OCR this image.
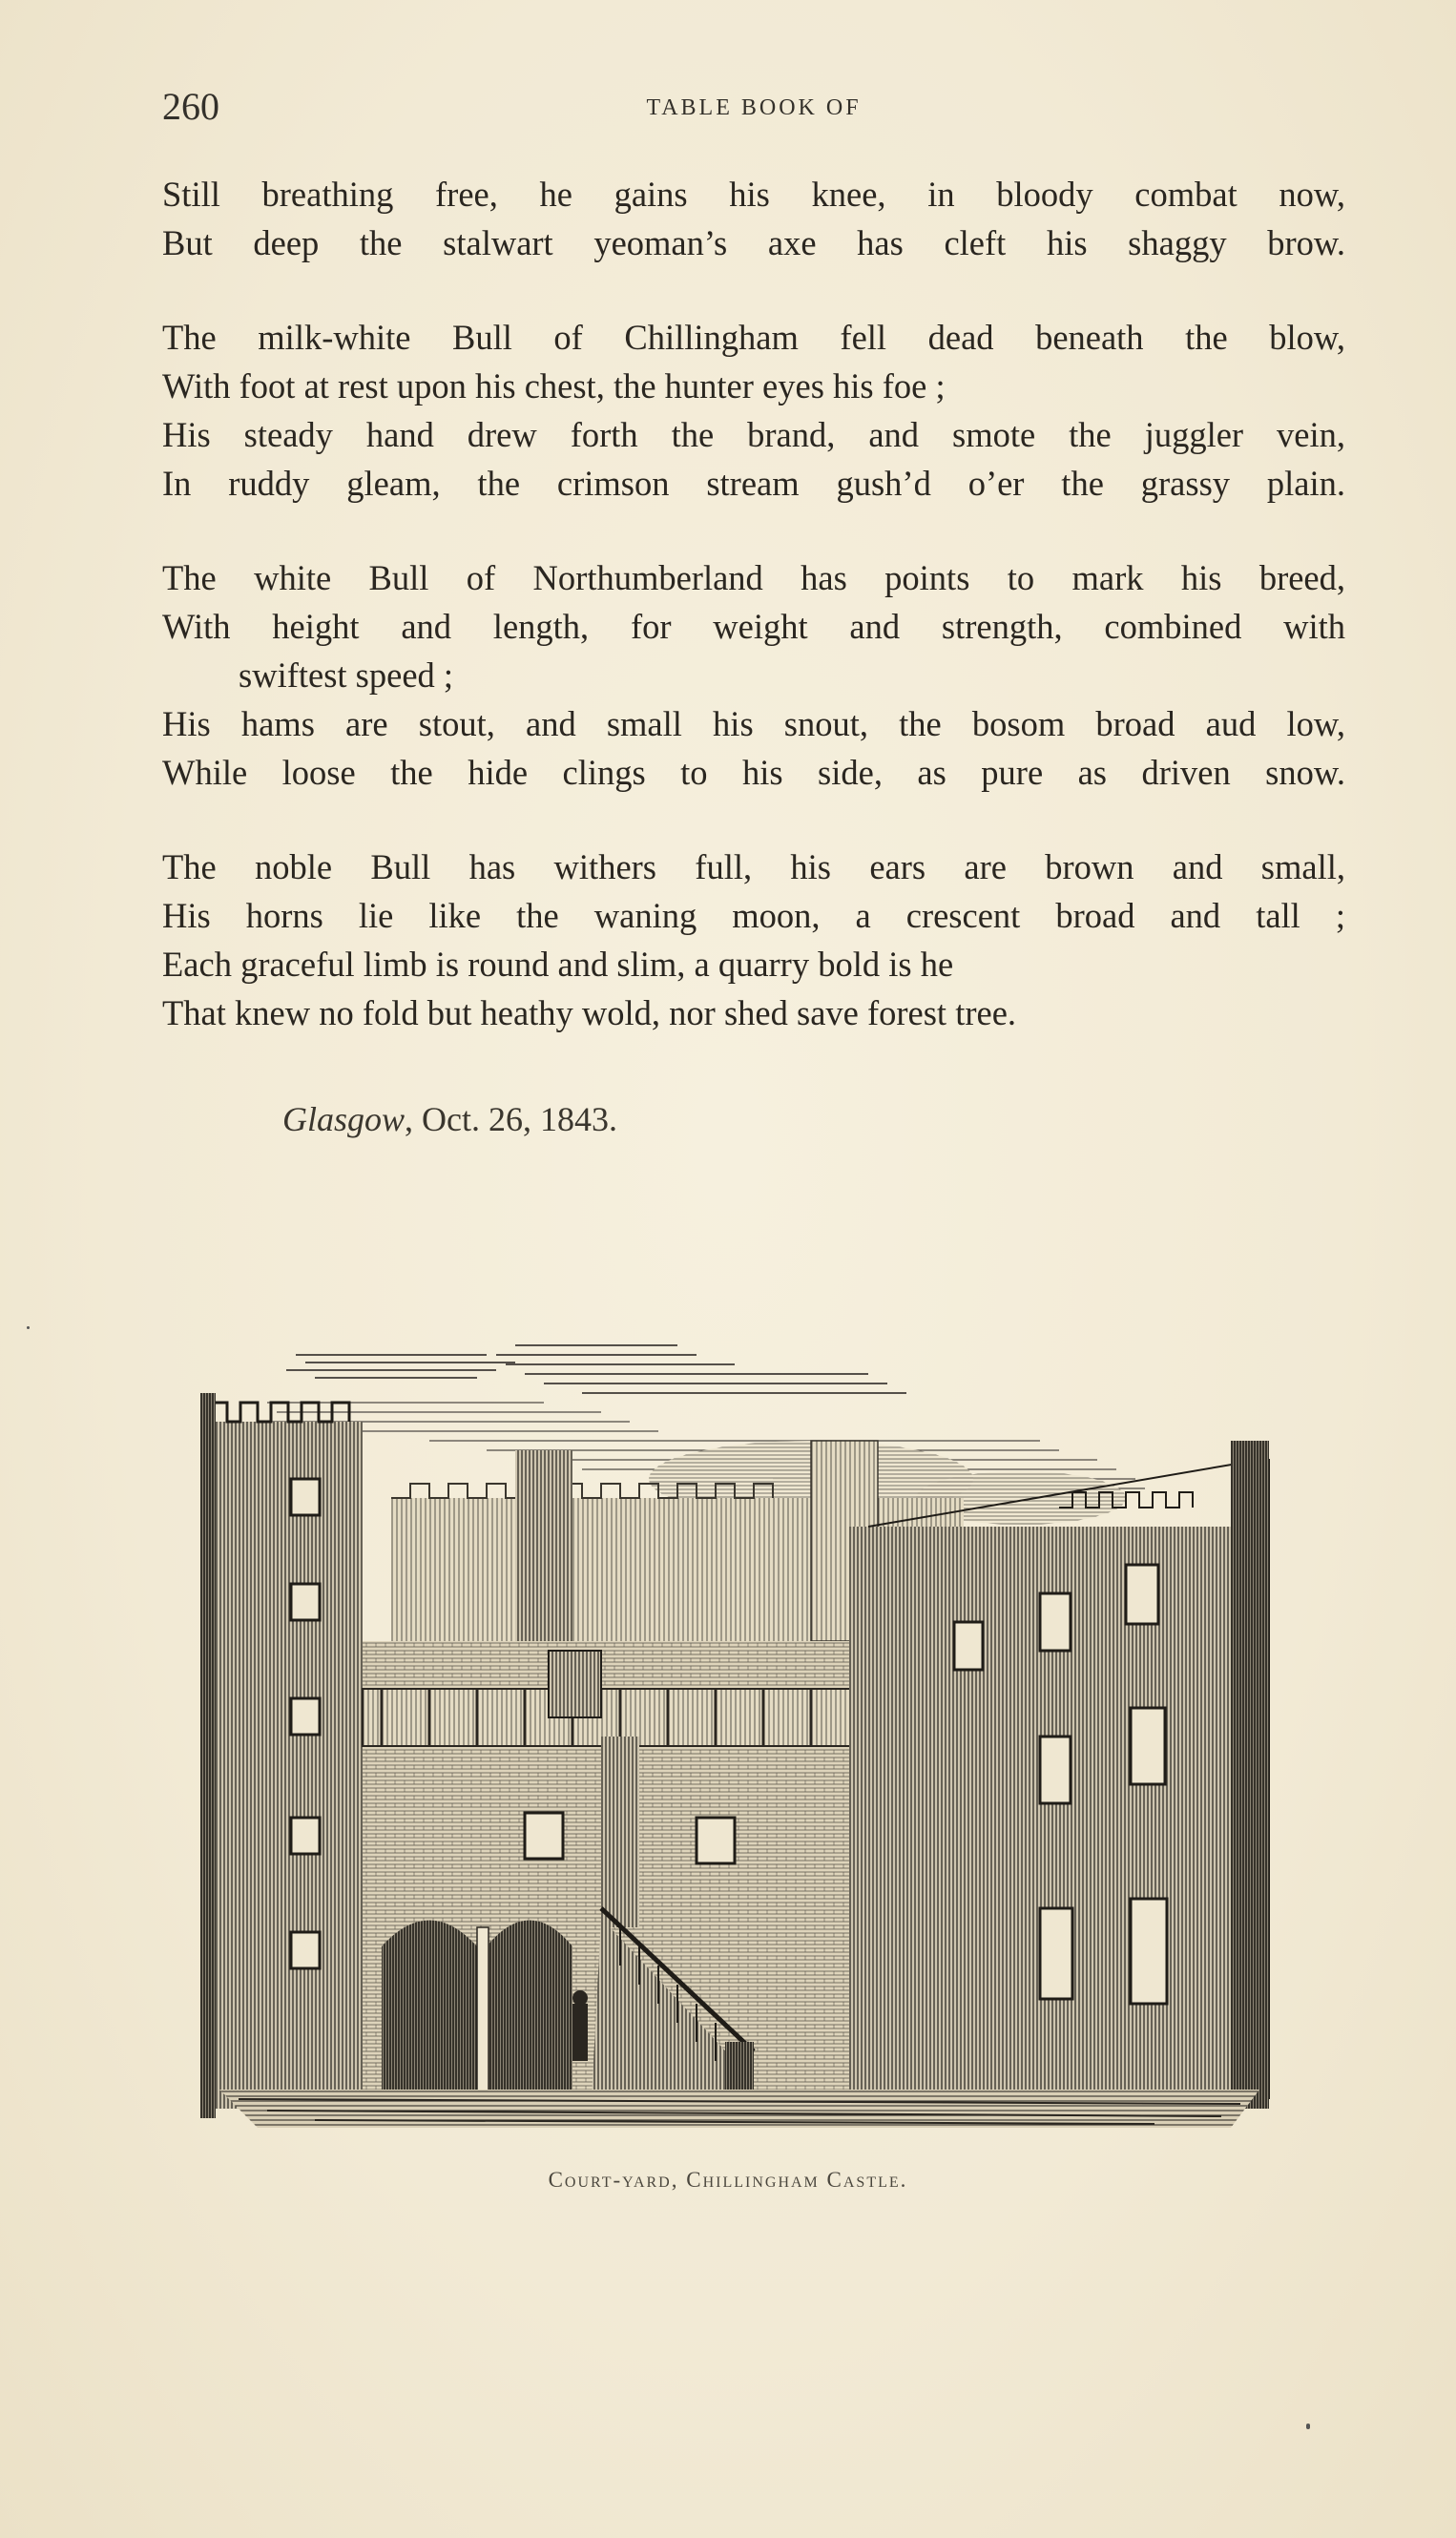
260	TABLE BOOK OF
Still breathing free, he gains his knee, in bloody combat now,
But deep the stalwart yeoman’s axe has cleft his shaggy brow.
The milk-white Bull of Chillingham fell dead beneath the blow,
With foot at rest upon his chest, the hunter eyes his foe ;
His steady hand drew forth the brand, and smote the juggler vein,
In ruddy gleam, the crimson stream gush’d o’er the grassy plain.
The white Bull of Northumberland has points to mark his breed,
With height and length, for weight and strength, combined with
swiftest speed ;
His hams are stout, and small his snout, the bosom broad aud low,
While loose the hide clings to his side, as pure as driven snow.
The noble Bull has withers full, his ears are brown and small,
His horns lie like the waning moon, a crescent broad and tall ;
Each graceful limb is round and slim, a quarry bold is he
That knew no fold but heathy wold, nor shed save forest tree.
Glasgow, Oct. 26, 1843.
Court-yard, Chillingham Castle.
